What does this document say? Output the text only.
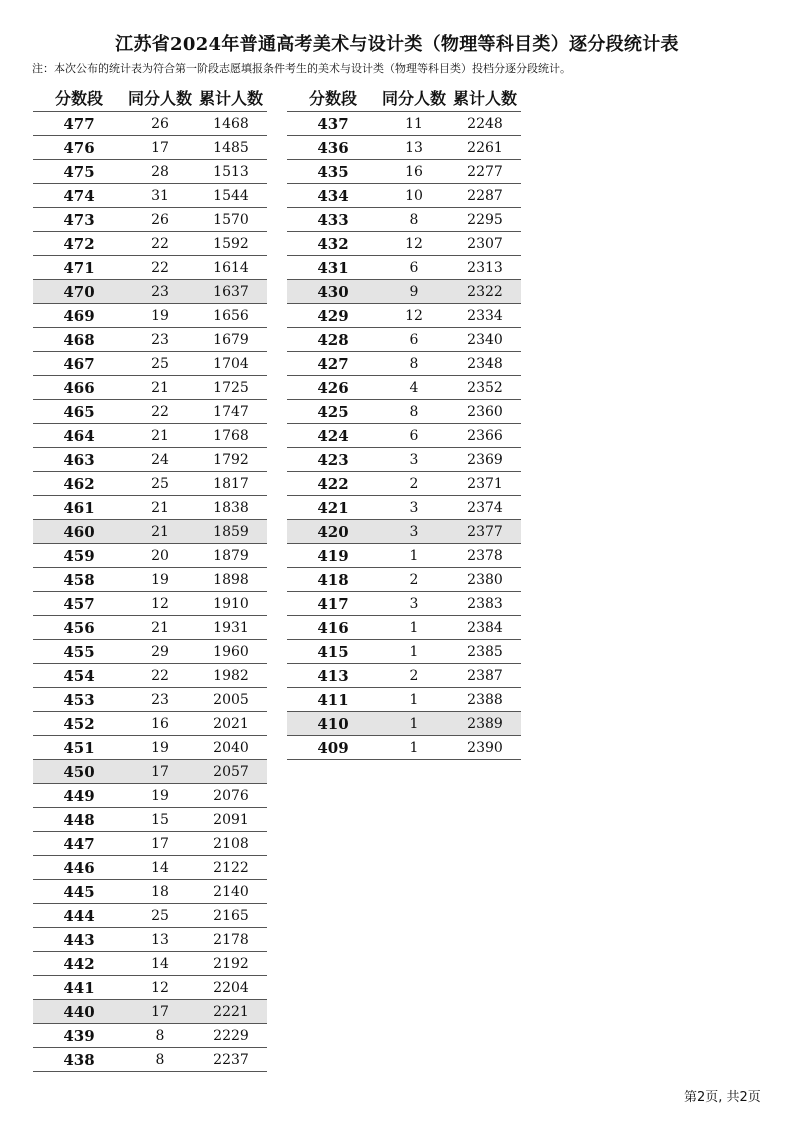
江苏省2024年普通高考美术与设计类（物理等科目类）逐分段统计表
注：本次公布的统计表为符合第一阶段志愿填报条件考生的美术与设计类（物理等科目类）投档分逐分段统计。
分数段	同分人数 累计人数
477	26	1468
476	17	1485
475	28	1513
474	31	1544
473	26	1570
472	22	1592
471	22	1614
470	23	1637
469	19	1656
468	23	1679
467	25	1704
466	21	1725
465	22	1747
464	21	1768
463	24	1792
462	25	1817
461	21	1838
460	21	1859
459	20	1879
458	19	1898
457	12	1910
456	21	1931
455	29	1960
454	22	1982
453	23	2005
452	16	2021
451	19	2040
450	17	2057
449	19	2076
448	15	2091
447	17	2108
446	14	2122
445	18	2140
444	25	2165
443	13	2178
442	14	2192
441	12	2204
440	17	2221
439	8	2229
438	8	2237
分数段	同分人数 累计人数
437	11	2248
436	13	2261
435	16	2277
434	10	2287
433	8	2295
432	12	2307
431	6	2313
430	9	2322
429	12	2334
428	6	2340
427	8	2348
426	4	2352
425	8	2360
424	6	2366
423	3	2369
422	2	2371
421	3	2374
420	3	2377
419	1	2378
418	2	2380
417	3	2383
416	1	2384
415	1	2385
413	2	2387
411	1	2388
410	1	2389
409	1	2390
第2页, 共2页
